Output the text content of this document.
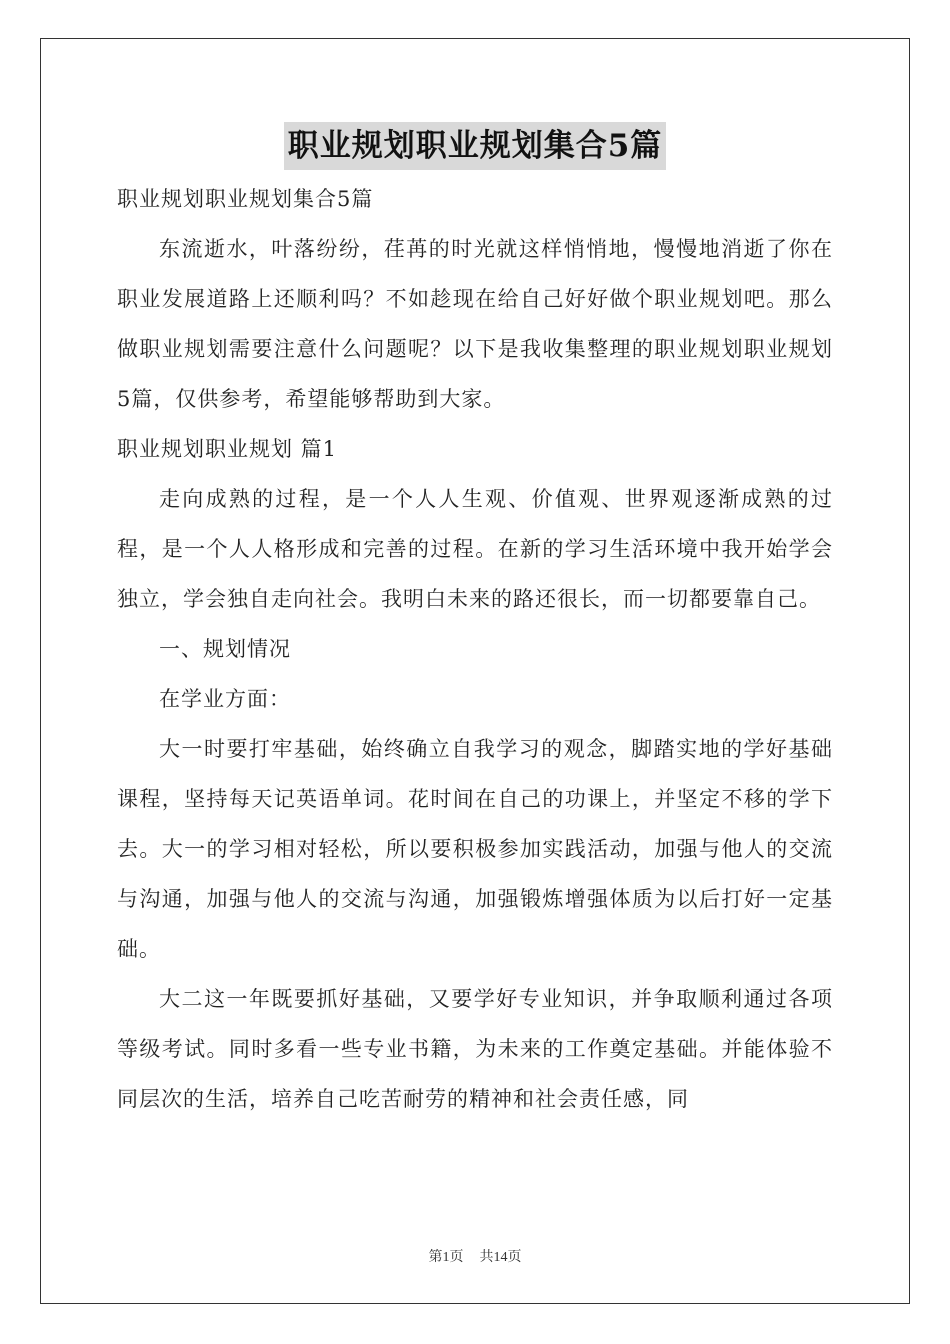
职业规划职业规划集合5篇

职业规划职业规划集合5篇

东流逝水，叶落纷纷，荏苒的时光就这样悄悄地，慢慢地消逝了你在职业发展道路上还顺利吗？不如趁现在给自己好好做个职业规划吧。那么做职业规划需要注意什么问题呢？以下是我收集整理的职业规划职业规划5篇，仅供参考，希望能够帮助到大家。

职业规划职业规划 篇1

走向成熟的过程，是一个人人生观、价值观、世界观逐渐成熟的过程，是一个人人格形成和完善的过程。在新的学习生活环境中我开始学会独立，学会独自走向社会。我明白未来的路还很长，而一切都要靠自己。

一、规划情况

在学业方面：

大一时要打牢基础，始终确立自我学习的观念，脚踏实地的学好基础课程，坚持每天记英语单词。花时间在自己的功课上，并坚定不移的学下去。大一的学习相对轻松，所以要积极参加实践活动，加强与他人的交流与沟通，加强与他人的交流与沟通，加强锻炼增强体质为以后打好一定基础。

大二这一年既要抓好基础，又要学好专业知识，并争取顺利通过各项等级考试。同时多看一些专业书籍，为未来的工作奠定基础。并能体验不同层次的生活，培养自己吃苦耐劳的精神和社会责任感，同

第1页 共14页
